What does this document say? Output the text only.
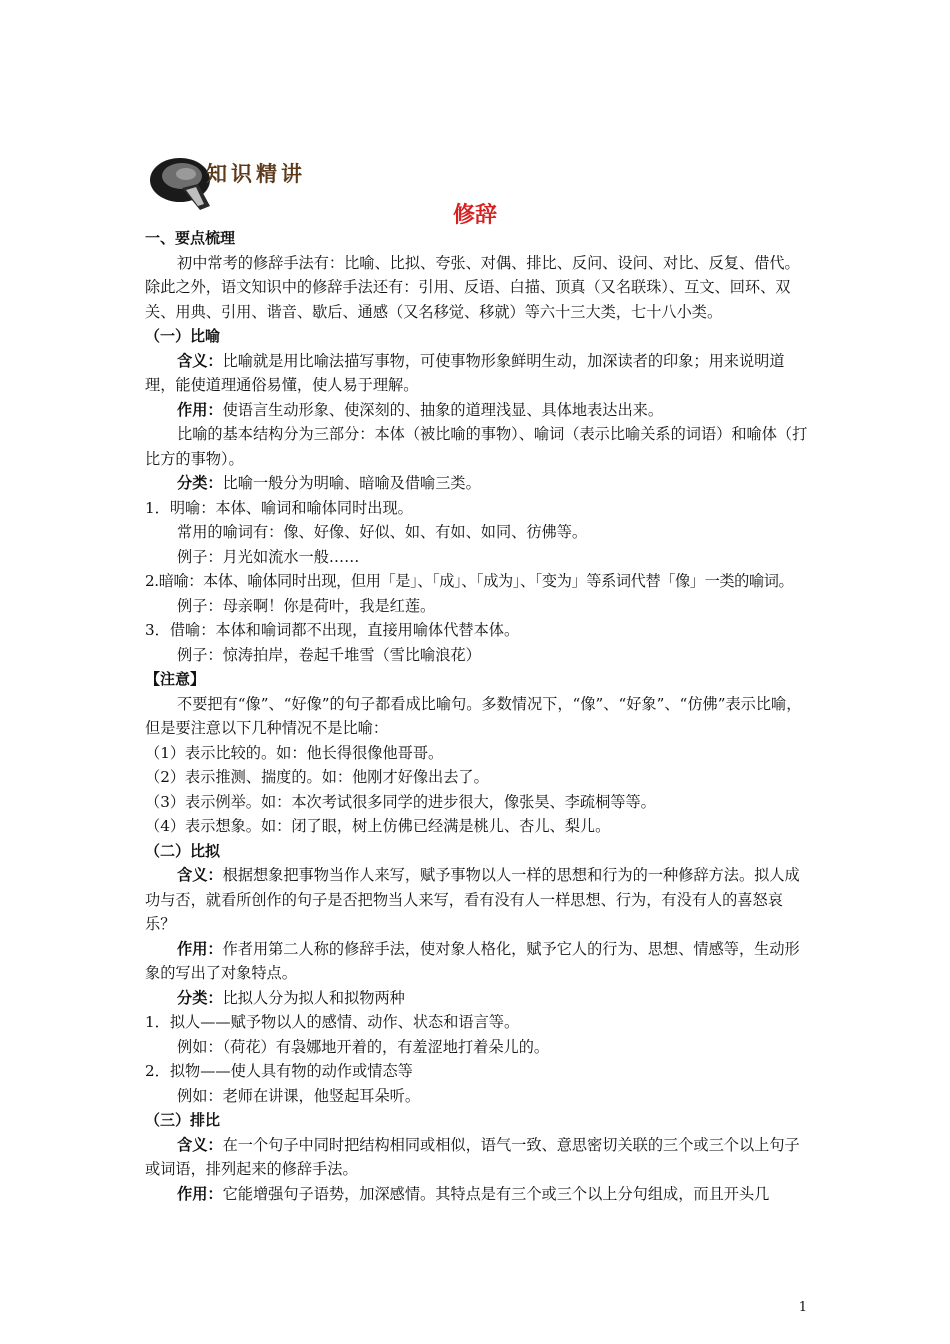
知识精讲
修辞

一、要点梳理

初中常考的修辞手法有：比喻、比拟、夸张、对偶、排比、反问、设问、对比、反复、借代。除此之外，语文知识中的修辞手法还有：引用、反语、白描、顶真（又名联珠）、互文、回环、双关、用典、引用、谐音、歇后、通感（又名移觉、移就）等六十三大类，七十八小类。

（一）比喻

含义：比喻就是用比喻法描写事物，可使事物形象鲜明生动，加深读者的印象；用来说明道理，能使道理通俗易懂，使人易于理解。

作用：使语言生动形象、使深刻的、抽象的道理浅显、具体地表达出来。

比喻的基本结构分为三部分：本体（被比喻的事物）、喻词（表示比喻关系的词语）和喻体（打比方的事物）。

分类：比喻一般分为明喻、暗喻及借喻三类。

1．明喻：本体、喻词和喻体同时出现。

常用的喻词有：像、好像、好似、如、有如、如同、彷佛等。

例子：月光如流水一般……

2.暗喻：本体、喻体同时出现，但用「是」、「成」、「成为」、「变为」等系词代替「像」一类的喻词。

例子：母亲啊！你是荷叶，我是红莲。

3．借喻：本体和喻词都不出现，直接用喻体代替本体。

例子：惊涛拍岸，卷起千堆雪（雪比喻浪花）

【注意】

不要把有“像”、“好像”的句子都看成比喻句。多数情况下，“像”、“好象”、“仿佛”表示比喻，但是要注意以下几种情况不是比喻：

（1）表示比较的。如：他长得很像他哥哥。

（2）表示推测、揣度的。如：他刚才好像出去了。

（3）表示例举。如：本次考试很多同学的进步很大，像张昊、李疏桐等等。

（4）表示想象。如：闭了眼，树上仿佛已经满是桃儿、杏儿、梨儿。

（二）比拟

含义：根据想象把事物当作人来写，赋予事物以人一样的思想和行为的一种修辞方法。拟人成功与否，就看所创作的句子是否把物当人来写，看有没有人一样思想、行为，有没有人的喜怒哀乐？

作用：作者用第二人称的修辞手法，使对象人格化，赋予它人的行为、思想、情感等，生动形象的写出了对象特点。

分类：比拟人分为拟人和拟物两种

1．拟人——赋予物以人的感情、动作、状态和语言等。

例如：（荷花）有袅娜地开着的，有羞涩地打着朵儿的。

2．拟物——使人具有物的动作或情态等

例如：老师在讲课，他竖起耳朵听。

（三）排比

含义：在一个句子中同时把结构相同或相似，语气一致、意思密切关联的三个或三个以上句子或词语，排列起来的修辞手法。

作用：它能增强句子语势，加深感情。其特点是有三个或三个以上分句组成，而且开头几

1
